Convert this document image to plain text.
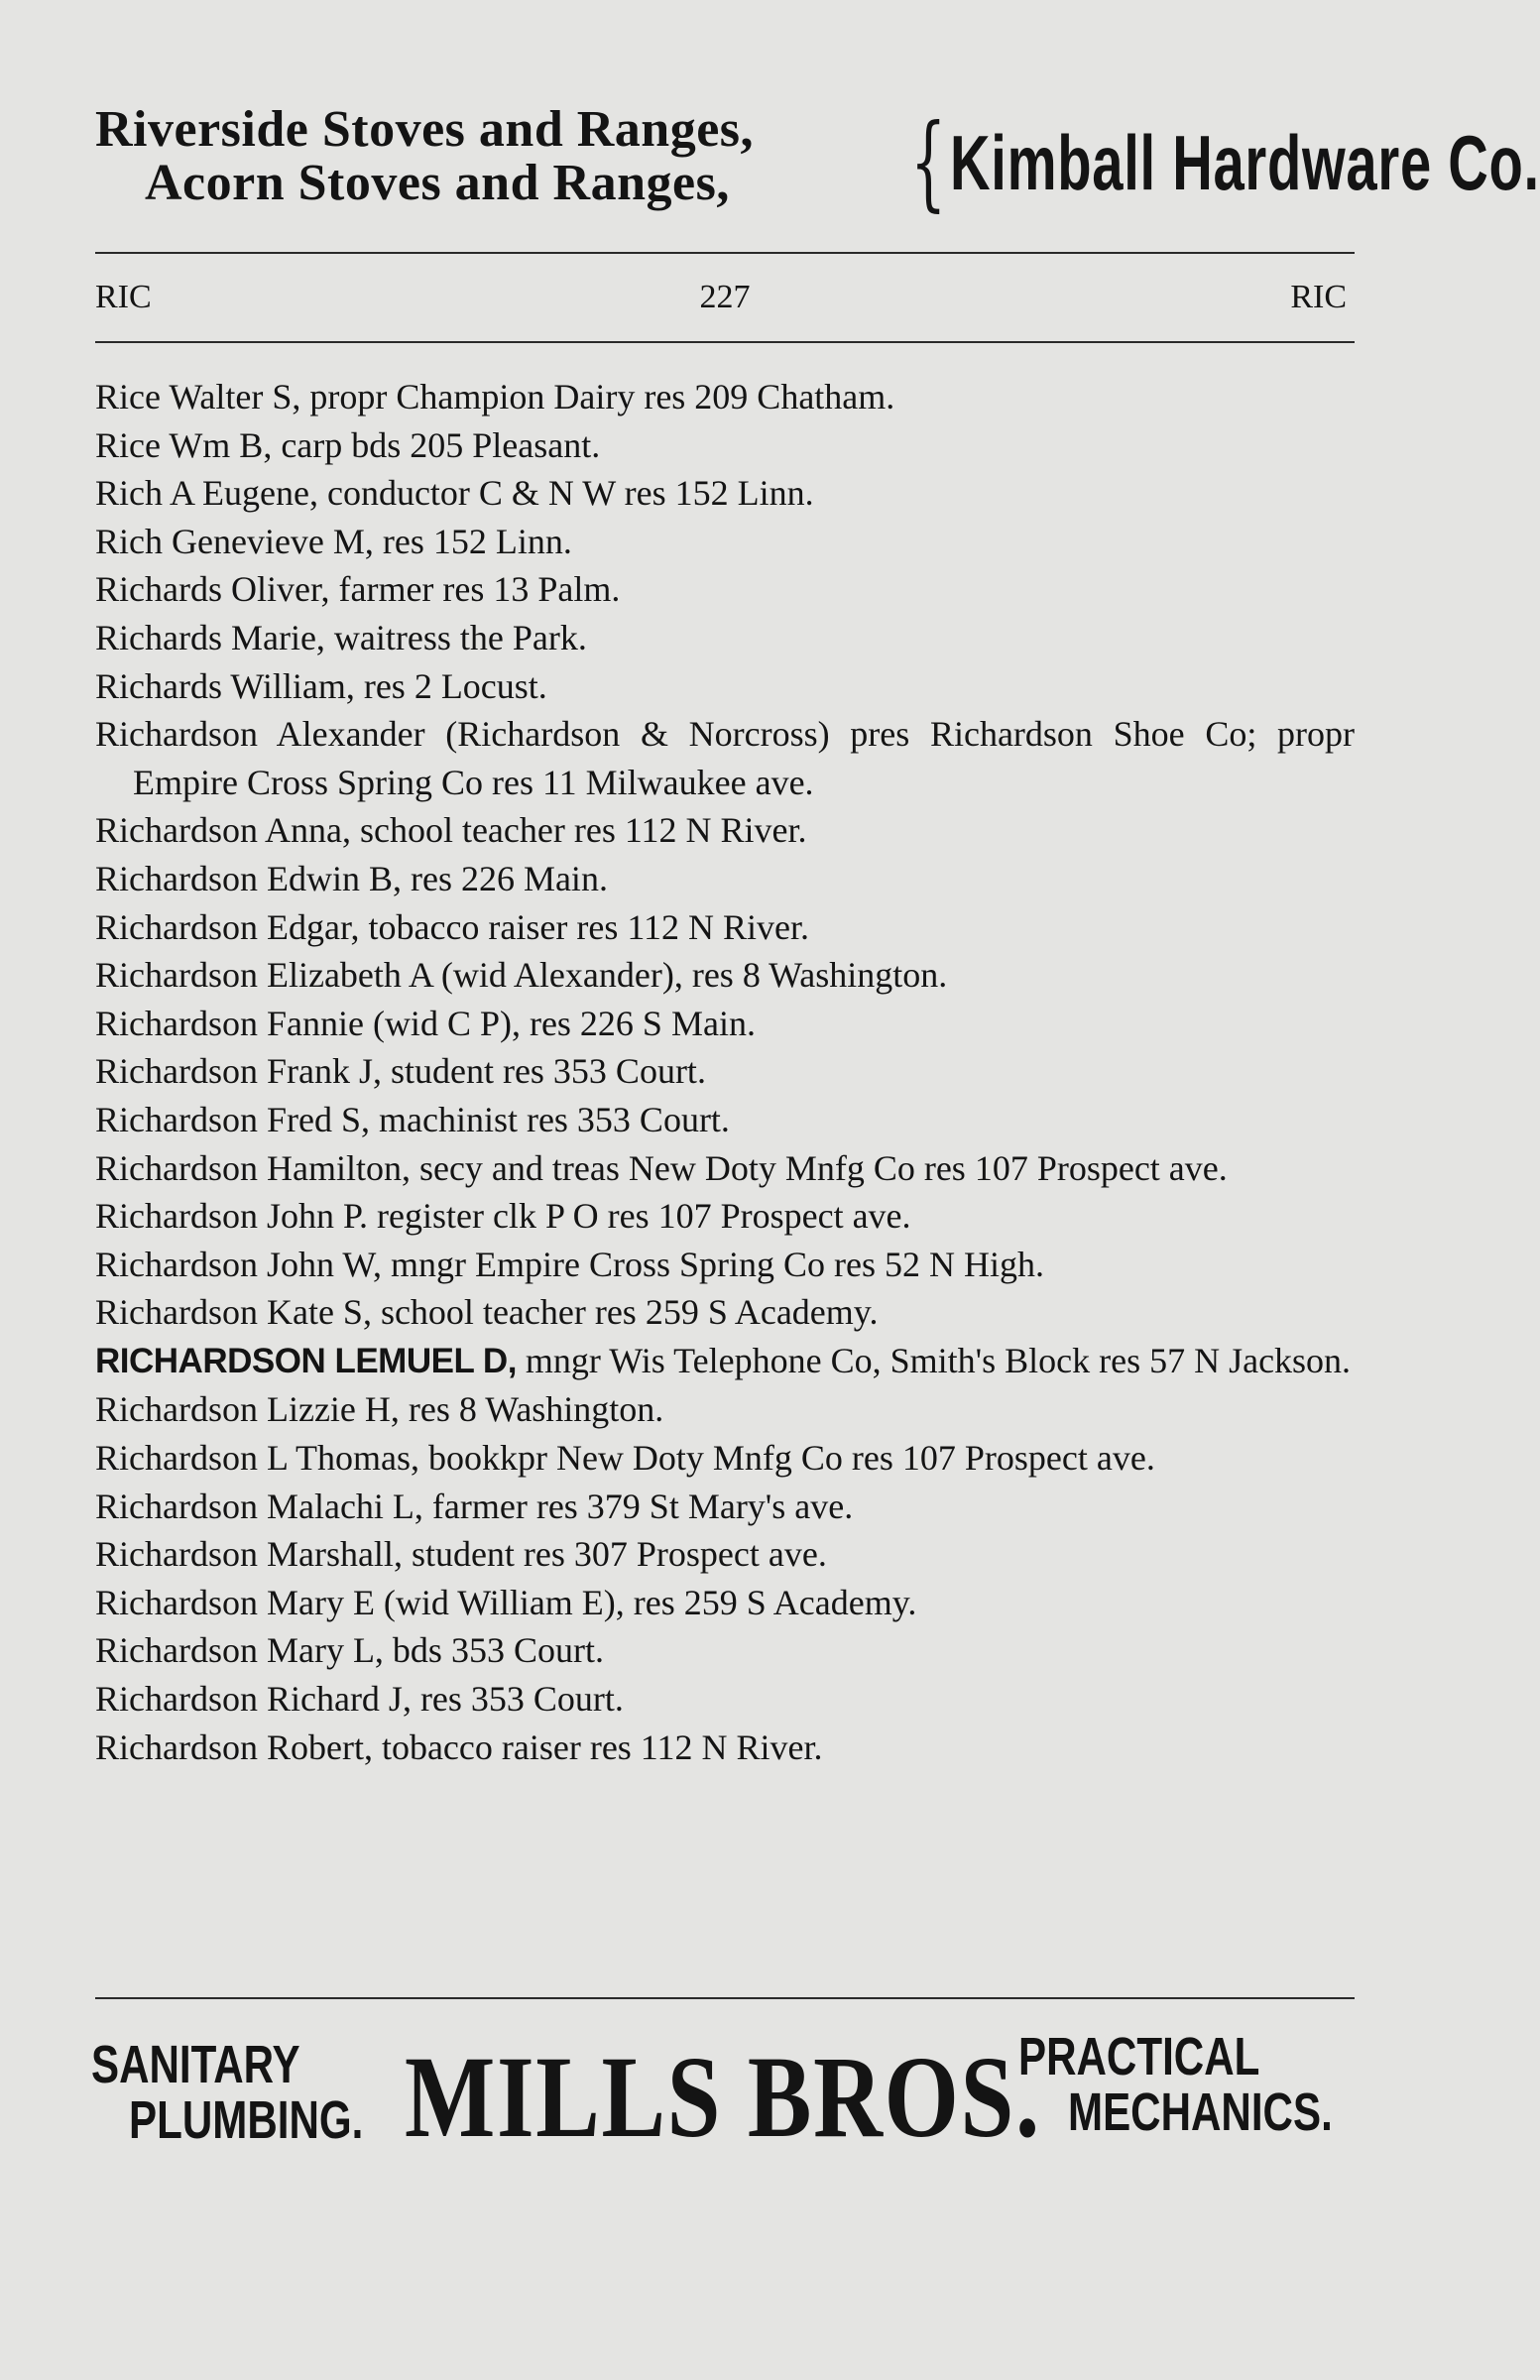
Riverside Stoves and Ranges,
Acorn Stoves and Ranges,	{ Kimball Hardware Co.
RIC	227	RIC

Rice Walter S, propr Champion Dairy res 209 Chatham.

Rice Wm B, carp bds 205 Pleasant.

Rich A Eugene, conductor C & N W res 152 Linn.

Rich Genevieve M, res 152 Linn.

Richards Oliver, farmer res 13 Palm.

Richards Marie, waitress the Park.

Richards William, res 2 Locust.

Richardson Alexander (Richardson & Norcross) pres Richardson Shoe Co; propr Empire Cross Spring Co res 11 Milwaukee ave.

Richardson Anna, school teacher res 112 N River.

Richardson Edwin B, res 226 Main.

Richardson Edgar, tobacco raiser res 112 N River.

Richardson Elizabeth A (wid Alexander), res 8 Washington.

Richardson Fannie (wid C P), res 226 S Main.

Richardson Frank J, student res 353 Court.

Richardson Fred S, machinist res 353 Court.

Richardson Hamilton, secy and treas New Doty Mnfg Co res 107 Prospect ave.

Richardson John P. register clk P O res 107 Prospect ave.

Richardson John W, mngr Empire Cross Spring Co res 52 N High.

Richardson Kate S, school teacher res 259 S Academy.

RICHARDSON LEMUEL D, mngr Wis Telephone Co, Smith's Block res 57 N Jackson.

Richardson Lizzie H, res 8 Washington.

Richardson L Thomas, bookkpr New Doty Mnfg Co res 107 Prospect ave.

Richardson Malachi L, farmer res 379 St Mary's ave.

Richardson Marshall, student res 307 Prospect ave.

Richardson Mary E (wid William E), res 259 S Academy.

Richardson Mary L, bds 353 Court.

Richardson Richard J, res 353 Court.

Richardson Robert, tobacco raiser res 112 N River.

SANITARY
PLUMBING. MILLS BROS.
PRACTICAL
MECHANICS.
